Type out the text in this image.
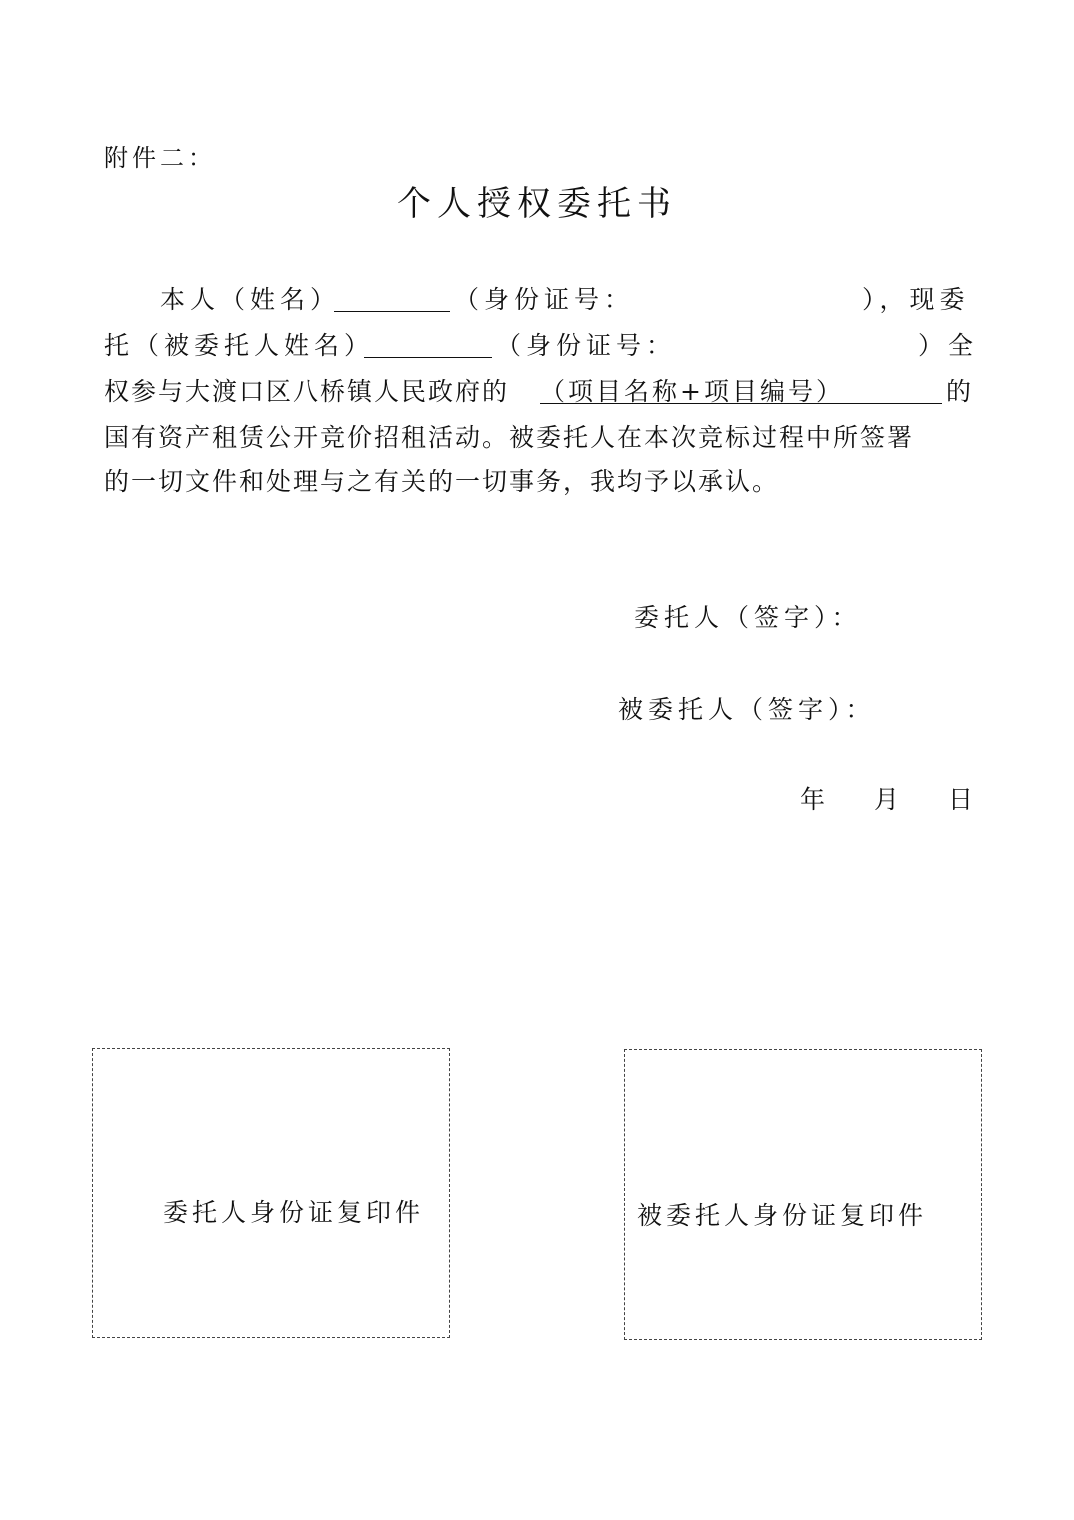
附件二：
个人授权委托书
本人（姓名）	（身份证号：	），现委
托（被委托人姓名）	（身份证号：	）全
权参与大渡口区八桥镇人民政府的 （项目名称+项目编号）	的
国有资产租赁公开竞价招租活动。被委托人在本次竞标过程中所签署
的一切文件和处理与之有关的一切事务，我均予以承认。
委托人（签字）：
被委托人（签字）：
年 月 日
委托人身份证复印件	被委托人身份证复印件
